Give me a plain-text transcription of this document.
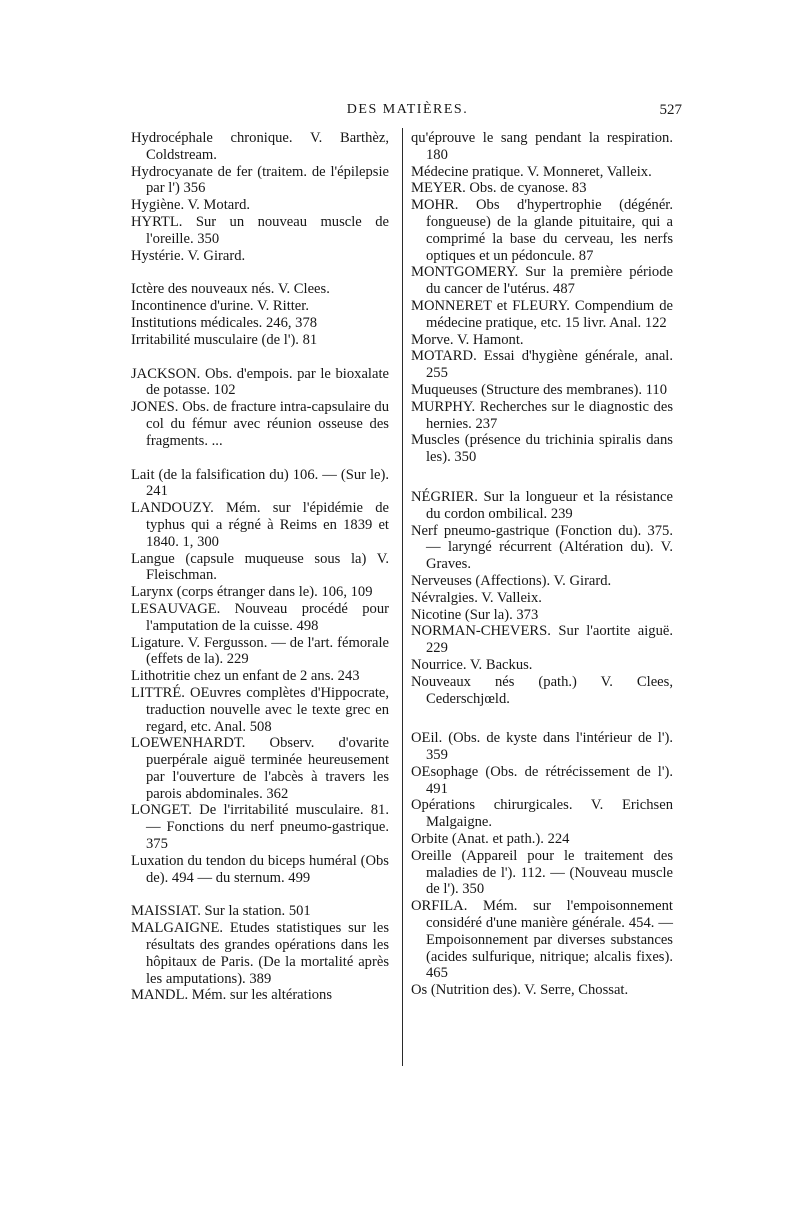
DES MATIÈRES.	527

Hydrocéphale chronique. V. Barthèz, Coldstream.

Hydrocyanate de fer (traitem. de l'épilepsie par l') 356

Hygiène. V. Motard.

HYRTL. Sur un nouveau muscle de l'oreille. 350

Hystérie. V. Girard.

Ictère des nouveaux nés. V. Clees.

Incontinence d'urine. V. Ritter.

Institutions médicales. 246, 378

Irritabilité musculaire (de l'). 81

JACKSON. Obs. d'empois. par le bioxalate de potasse. 102

JONES. Obs. de fracture intra-capsulaire du col du fémur avec réunion osseuse des fragments. ...

Lait (de la falsification du) 106. — (Sur le). 241

LANDOUZY. Mém. sur l'épidémie de typhus qui a régné à Reims en 1839 et 1840. 1, 300

Langue (capsule muqueuse sous la) V. Fleischman.

Larynx (corps étranger dans le). 106, 109

LESAUVAGE. Nouveau procédé pour l'amputation de la cuisse. 498

Ligature. V. Fergusson. — de l'art. fémorale (effets de la). 229

Lithotritie chez un enfant de 2 ans. 243

LITTRÉ. OEuvres complètes d'Hippocrate, traduction nouvelle avec le texte grec en regard, etc. Anal. 508

LOEWENHARDT. Observ. d'ovarite puerpérale aiguë terminée heureusement par l'ouverture de l'abcès à travers les parois abdominales. 362

LONGET. De l'irritabilité musculaire. 81. — Fonctions du nerf pneumo-gastrique. 375

Luxation du tendon du biceps huméral (Obs de). 494 — du sternum. 499

MAISSIAT. Sur la station. 501

MALGAIGNE. Etudes statistiques sur les résultats des grandes opérations dans les hôpitaux de Paris. (De la mortalité après les amputations). 389

MANDL. Mém. sur les altérations

qu'éprouve le sang pendant la respiration. 180

Médecine pratique. V. Monneret, Valleix.

MEYER. Obs. de cyanose. 83

MOHR. Obs d'hypertrophie (dégénér. fongueuse) de la glande pituitaire, qui a comprimé la base du cerveau, les nerfs optiques et un pédoncule. 87

MONTGOMERY. Sur la première période du cancer de l'utérus. 487

MONNERET et FLEURY. Compendium de médecine pratique, etc. 15 livr. Anal. 122

Morve. V. Hamont.

MOTARD. Essai d'hygiène générale, anal. 255

Muqueuses (Structure des membranes). 110

MURPHY. Recherches sur le diagnostic des hernies. 237

Muscles (présence du trichinia spiralis dans les). 350

NÉGRIER. Sur la longueur et la résistance du cordon ombilical. 239

Nerf pneumo-gastrique (Fonction du). 375. — laryngé récurrent (Altération du). V. Graves.

Nerveuses (Affections). V. Girard.

Névralgies. V. Valleix.

Nicotine (Sur la). 373

NORMAN-CHEVERS. Sur l'aortite aiguë. 229

Nourrice. V. Backus.

Nouveaux nés (path.) V. Clees, Cederschjœld.

OEil. (Obs. de kyste dans l'intérieur de l'). 359

OEsophage (Obs. de rétrécissement de l'). 491

Opérations chirurgicales. V. Erichsen Malgaigne.

Orbite (Anat. et path.). 224

Oreille (Appareil pour le traitement des maladies de l'). 112. — (Nouveau muscle de l'). 350

ORFILA. Mém. sur l'empoisonnement considéré d'une manière générale. 454. — Empoisonnement par diverses substances (acides sulfurique, nitrique; alcalis fixes). 465

Os (Nutrition des). V. Serre, Chossat.
